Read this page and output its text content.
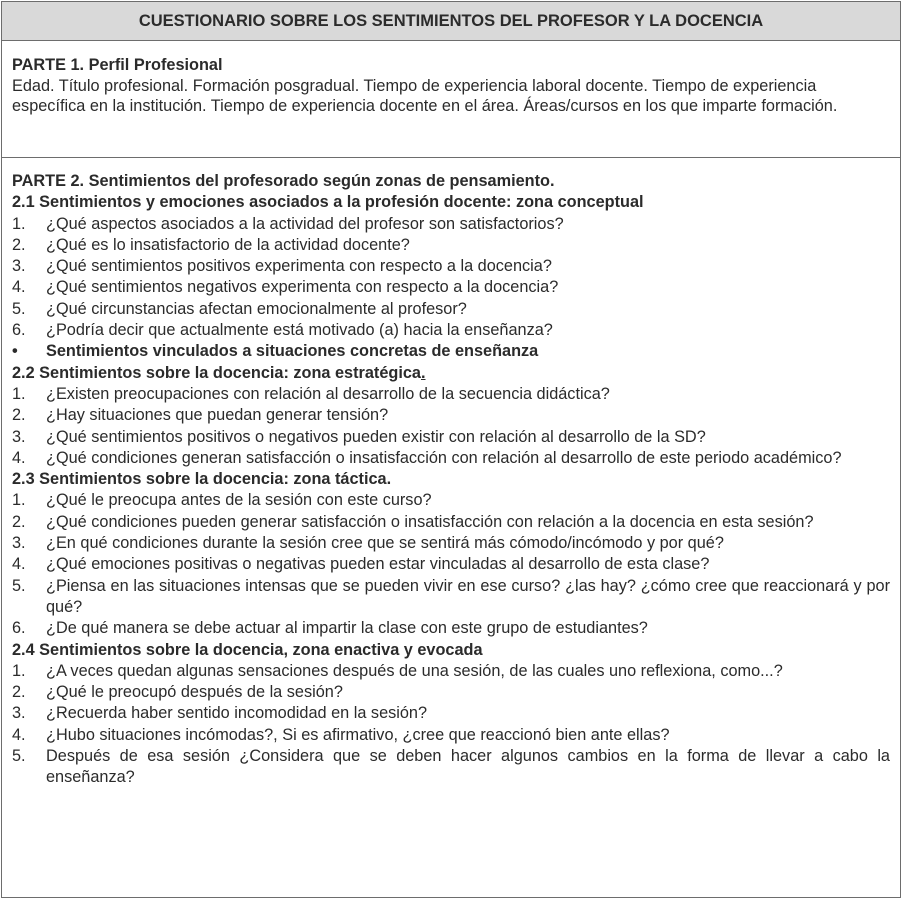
CUESTIONARIO SOBRE LOS SENTIMIENTOS DEL PROFESOR Y LA DOCENCIA
PARTE 1. Perfil Profesional
Edad. Título profesional. Formación posgradual. Tiempo de experiencia laboral docente. Tiempo de experiencia específica en la institución. Tiempo de experiencia docente en el área. Áreas/cursos en los que imparte formación.
PARTE 2. Sentimientos del profesorado según zonas de pensamiento.
2.1 Sentimientos y emociones asociados a la profesión docente: zona conceptual
1.	¿Qué aspectos asociados a la actividad del profesor son satisfactorios?
2.	¿Qué es lo insatisfactorio de la actividad docente?
3.	¿Qué sentimientos positivos experimenta con respecto a la docencia?
4.	¿Qué sentimientos negativos experimenta con respecto a la docencia?
5.	¿Qué circunstancias afectan emocionalmente al profesor?
6.	¿Podría decir que actualmente está motivado (a) hacia la enseñanza?
•	Sentimientos vinculados a situaciones concretas de enseñanza
2.2 Sentimientos sobre la docencia: zona estratégica.
1.	¿Existen preocupaciones con relación al desarrollo de la secuencia didáctica?
2.	¿Hay situaciones que puedan generar tensión?
3.	¿Qué sentimientos positivos o negativos pueden existir con relación al desarrollo de la SD?
4.	¿Qué condiciones generan satisfacción o insatisfacción con relación al desarrollo de este periodo académico?
2.3 Sentimientos sobre la docencia: zona táctica.
1.	¿Qué le preocupa antes de la sesión con este curso?
2.	¿Qué condiciones pueden generar satisfacción o insatisfacción con relación a la docencia en esta sesión?
3.	¿En qué condiciones durante la sesión cree que se sentirá más cómodo/incómodo y por qué?
4.	¿Qué emociones positivas o negativas pueden estar vinculadas al desarrollo de esta clase?
5.	¿Piensa en las situaciones intensas que se pueden vivir en ese curso? ¿las hay? ¿cómo cree que reaccionará y por qué?
6.	¿De qué manera se debe actuar al impartir la clase con este grupo de estudiantes?
2.4 Sentimientos sobre la docencia, zona enactiva y evocada
1.	¿A veces quedan algunas sensaciones después de una sesión, de las cuales uno reflexiona, como...?
2.	¿Qué le preocupó después de la sesión?
3.	¿Recuerda haber sentido incomodidad en la sesión?
4.	¿Hubo situaciones incómodas?, Si es afirmativo, ¿cree que reaccionó bien ante ellas?
5.	Después de esa sesión ¿Considera que se deben hacer algunos cambios en la forma de llevar a cabo la enseñanza?
